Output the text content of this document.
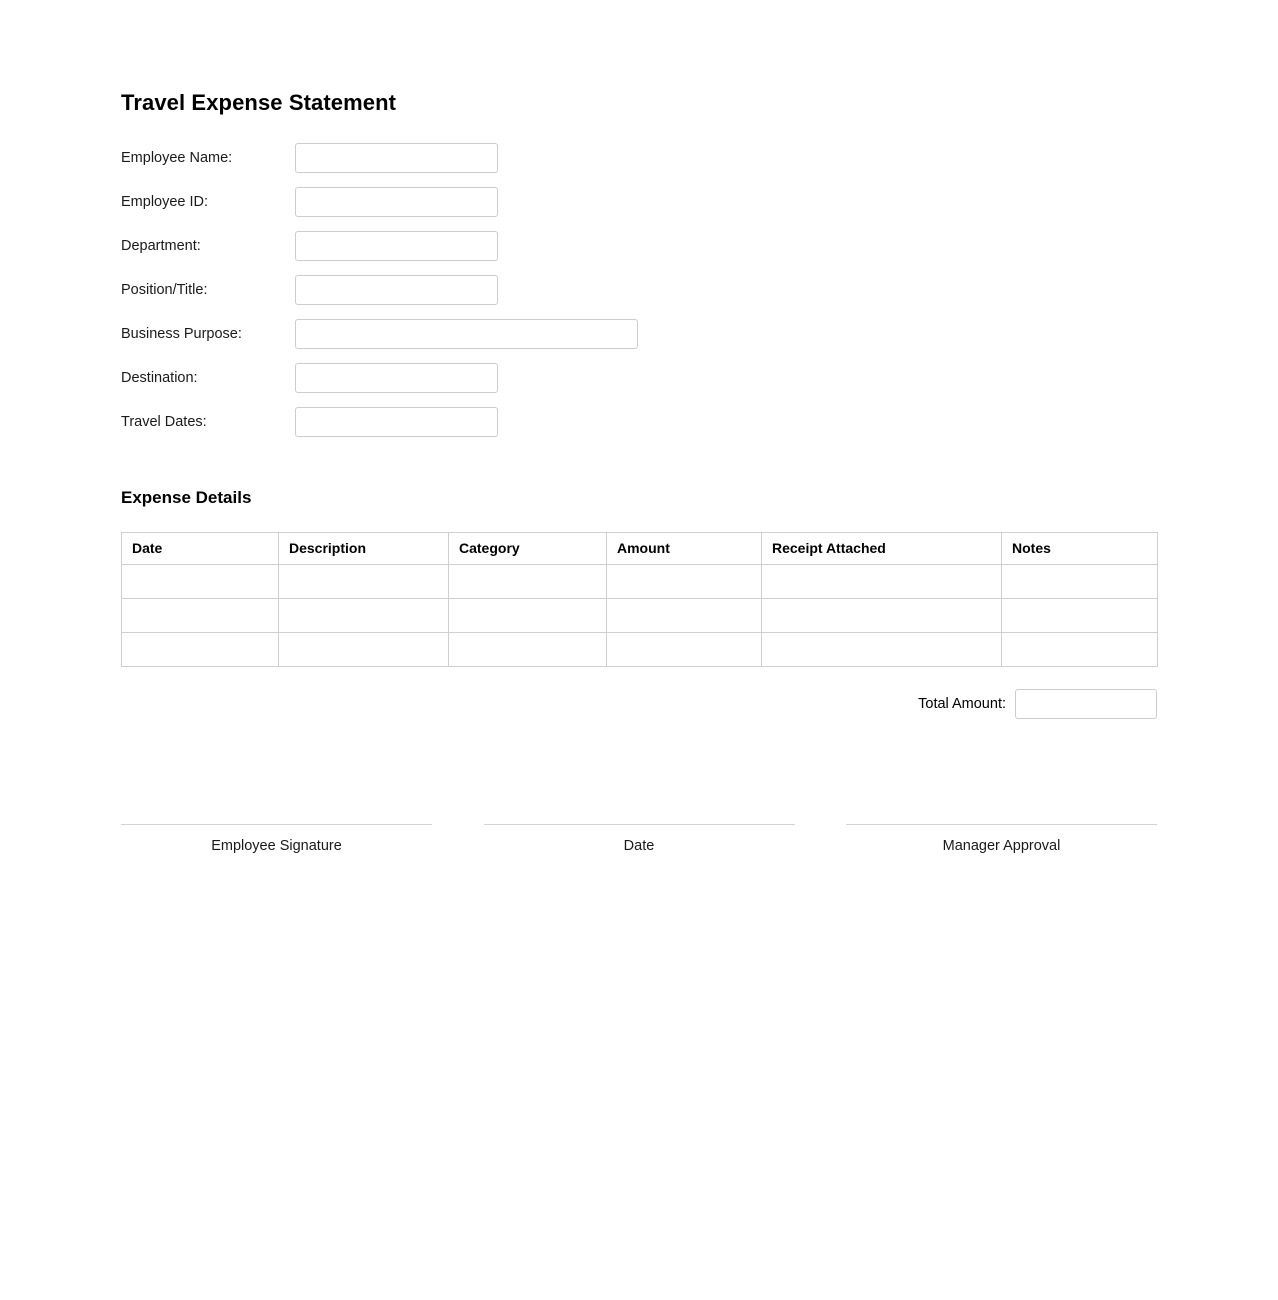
Travel Expense Statement
Employee Name:
Employee ID:
Department:
Position/Title:
Business Purpose:
Destination:
Travel Dates:
Expense Details
Date	Description	Category	Amount	Receipt Attached	Notes

Total Amount:
Employee Signature	Date	Manager Approval
